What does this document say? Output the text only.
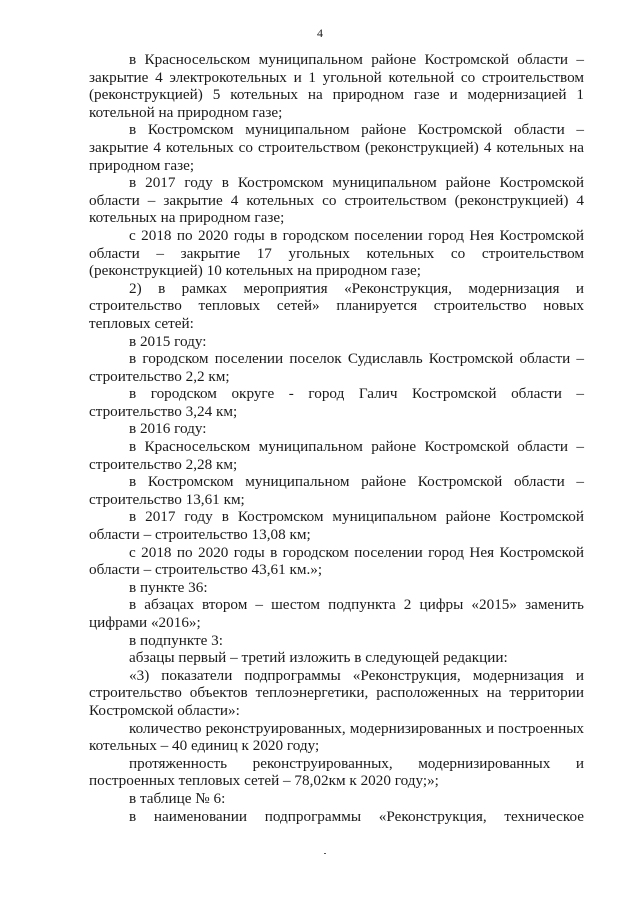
4

в Красносельском муниципальном районе Костромской области – закрытие 4 электрокотельных и 1 угольной котельной со строительством (реконструкцией) 5 котельных на природном газе и модернизацией 1 котельной на природном газе;

в Костромском муниципальном районе Костромской области – закрытие 4 котельных со строительством (реконструкцией) 4 котельных на природном газе;

в 2017 году в Костромском муниципальном районе Костромской области – закрытие 4 котельных со строительством (реконструкцией) 4 котельных на природном газе;

с 2018 по 2020 годы в городском поселении город Нея Костромской области – закрытие 17 угольных котельных со строительством (реконструкцией) 10 котельных на природном газе;

2) в рамках мероприятия «Реконструкция, модернизация и строительство тепловых сетей» планируется строительство новых тепловых сетей:

в 2015 году:

в городском поселении поселок Судиславль Костромской области – строительство 2,2 км;

в городском округе - город Галич Костромской области – строительство 3,24 км;

в 2016 году:

в Красносельском муниципальном районе Костромской области – строительство 2,28 км;

в Костромском муниципальном районе Костромской области – строительство 13,61 км;

в 2017 году в Костромском муниципальном районе Костромской области – строительство 13,08 км;

с 2018 по 2020 годы в городском поселении город Нея Костромской области – строительство 43,61 км.»;

в пункте 36:

в абзацах втором – шестом подпункта 2 цифры «2015» заменить цифрами «2016»;

в подпункте 3:

абзацы первый – третий изложить в следующей редакции:

«3) показатели подпрограммы «Реконструкция, модернизация и строительство объектов теплоэнергетики, расположенных на территории Костромской области»:

количество реконструированных, модернизированных и построенных котельных – 40 единиц к 2020 году;

протяженность реконструированных, модернизированных и построенных тепловых сетей – 78,02км к 2020 году;»;

в таблице № 6:

в наименовании подпрограммы «Реконструкция, техническое
